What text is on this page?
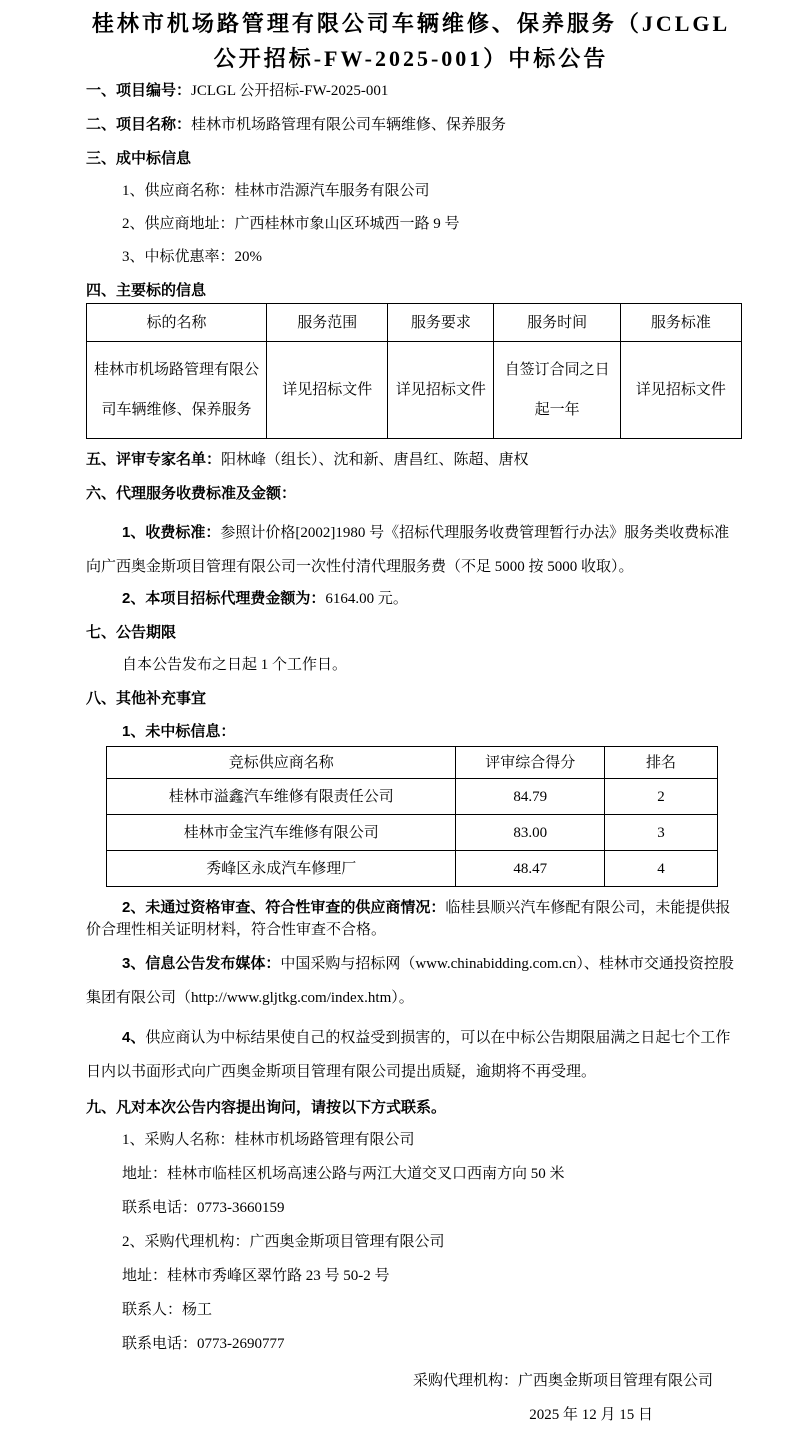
桂林市机场路管理有限公司车辆维修、保养服务（JCLGL
公开招标-FW-2025-001）中标公告
一、项目编号：JCLGL 公开招标-FW-2025-001
二、项目名称：桂林市机场路管理有限公司车辆维修、保养服务
三、成中标信息
1、供应商名称：桂林市浩源汽车服务有限公司
2、供应商地址：广西桂林市象山区环城西一路 9 号
3、中标优惠率：20%
四、主要标的信息
标的名称	服务范围	服务要求	服务时间	服务标准
桂林市机场路管理有限公司车辆维修、保养服务	详见招标文件	详见招标文件	自签订合同之日起一年	详见招标文件
五、评审专家名单：阳林峰（组长）、沈和新、唐昌红、陈超、唐权
六、代理服务收费标准及金额：
1、收费标准：参照计价格[2002]1980 号《招标代理服务收费管理暂行办法》服务类收费标准向广西奥金斯项目管理有限公司一次性付清代理服务费（不足 5000 按 5000 收取）。
2、本项目招标代理费金额为：6164.00 元。
七、公告期限
自本公告发布之日起 1 个工作日。
八、其他补充事宜
1、未中标信息：
竞标供应商名称	评审综合得分	排名
桂林市溢鑫汽车维修有限责任公司	84.79	2
桂林市金宝汽车维修有限公司	83.00	3
秀峰区永成汽车修理厂	48.47	4
2、未通过资格审查、符合性审查的供应商情况：临桂县顺兴汽车修配有限公司，未能提供报价合理性相关证明材料，符合性审查不合格。
3、信息公告发布媒体：中国采购与招标网（www.chinabidding.com.cn）、桂林市交通投资控股集团有限公司（http://www.gljtkg.com/index.htm）。
4、供应商认为中标结果使自己的权益受到损害的，可以在中标公告期限届满之日起七个工作日内以书面形式向广西奥金斯项目管理有限公司提出质疑，逾期将不再受理。
九、凡对本次公告内容提出询问，请按以下方式联系。
1、采购人名称：桂林市机场路管理有限公司
地址：桂林市临桂区机场高速公路与两江大道交叉口西南方向 50 米
联系电话：0773-3660159
2、采购代理机构：广西奥金斯项目管理有限公司
地址：桂林市秀峰区翠竹路 23 号 50-2 号
联系人：杨工
联系电话：0773-2690777
采购代理机构：广西奥金斯项目管理有限公司
2025 年 12 月 15 日
